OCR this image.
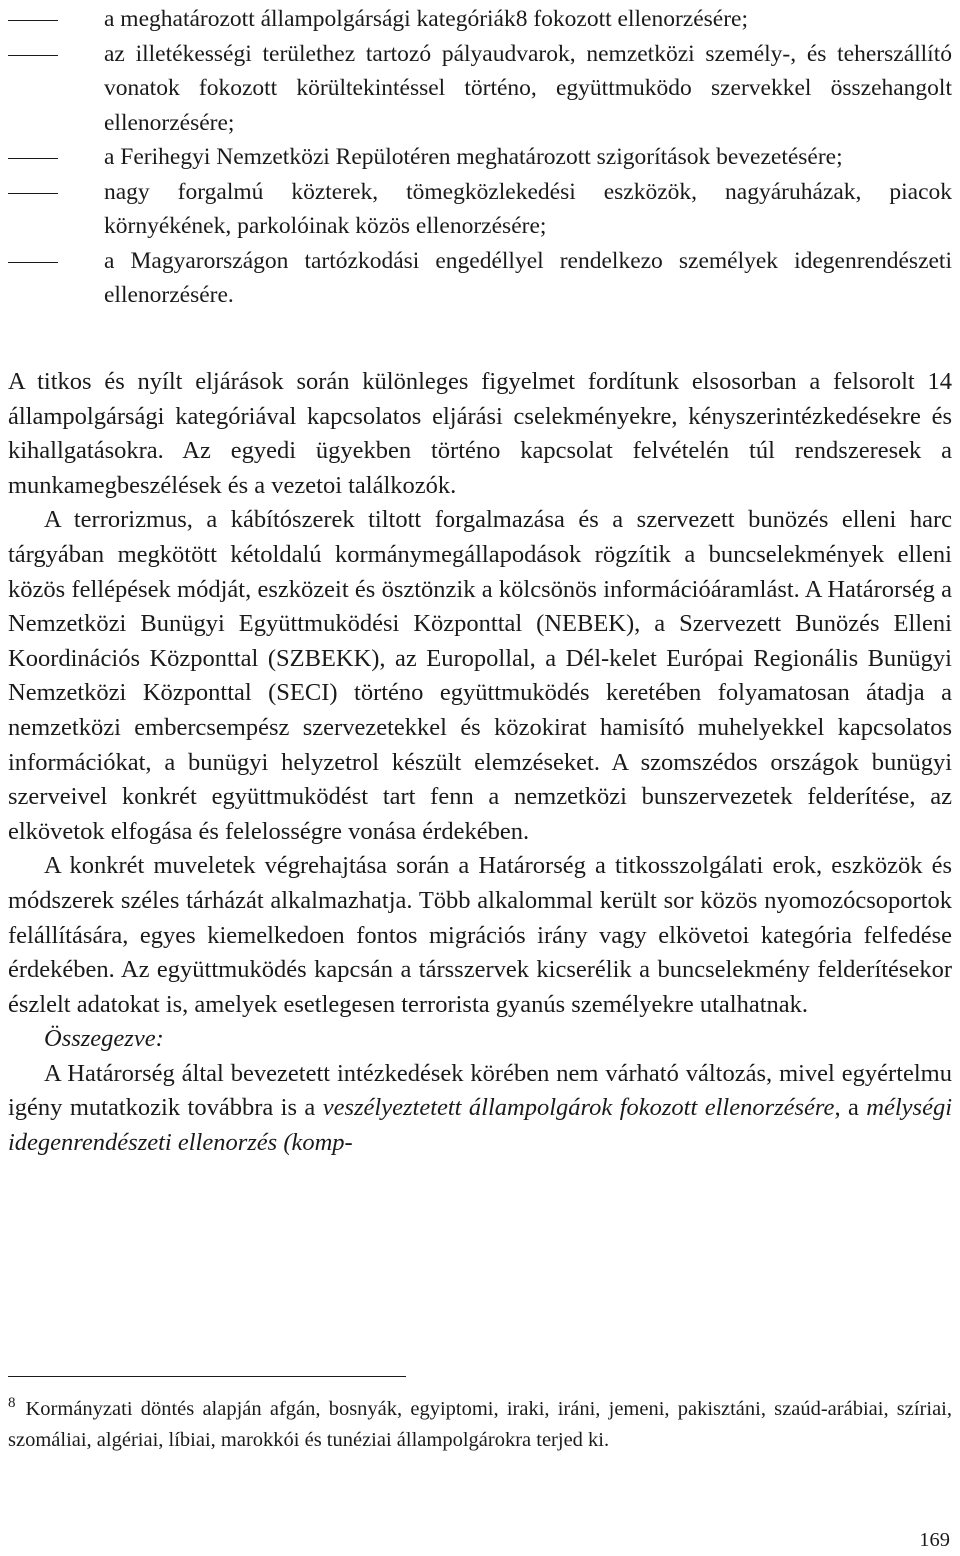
a meghatározott állampolgársági kategóriák8 fokozott ellenorzésére;
az illetékességi területhez tartozó pályaudvarok, nemzetközi személy-, és teherszállító vonatok fokozott körültekintéssel történo, együttmuködo szervekkel összehangolt ellenorzésére;
a Ferihegyi Nemzetközi Repülotéren meghatározott szigorítások bevezetésére;
nagy forgalmú közterek, tömegközlekedési eszközök, nagyáruházak, piacok környékének, parkolóinak közös ellenorzésére;
a Magyarországon tartózkodási engedéllyel rendelkezo személyek idegenrendészeti ellenorzésére.

A titkos és nyílt eljárások során különleges figyelmet fordítunk elsosorban a felsorolt 14 állampolgársági kategóriával kapcsolatos eljárási cselekményekre, kényszerintézkedésekre és kihallgatásokra. Az egyedi ügyekben történo kapcsolat felvételén túl rendszeresek a munkamegbeszélések és a vezetoi találkozók.

A terrorizmus, a kábítószerek tiltott forgalmazása és a szervezett bunözés elleni harc tárgyában megkötött kétoldalú kormánymegállapodások rögzítik a buncselekmények elleni közös fellépések módját, eszközeit és ösztönzik a kölcsönös információáramlást. A Határorség a Nemzetközi Bunügyi Együttmuködési Központtal (NEBEK), a Szervezett Bunözés Elleni Koordinációs Központtal (SZBEKK), az Europollal, a Dél-kelet Európai Regionális Bunügyi Nemzetközi Központtal (SECI) történo együttmuködés keretében folyamatosan átadja a nemzetközi embercsempész szervezetekkel és közokirat hamisító muhelyekkel kapcsolatos információkat, a bunügyi helyzetrol készült elemzéseket. A szomszédos országok bunügyi szerveivel konkrét együttmuködést tart fenn a nemzetközi bunszervezetek felderítése, az elkövetok elfogása és felelosségre vonása érdekében.

A konkrét muveletek végrehajtása során a Határorség a titkosszolgálati erok, eszközök és módszerek széles tárházát alkalmazhatja. Több alkalommal került sor közös nyomozócsoportok felállítására, egyes kiemelkedoen fontos migrációs irány vagy elkövetoi kategória felfedése érdekében. Az együttmuködés kapcsán a társszervek kicserélik a buncselekmény felderítésekor észlelt adatokat is, amelyek esetlegesen terrorista gyanús személyekre utalhatnak.

Összegezve:

A Határorség által bevezetett intézkedések körében nem várható változás, mivel egyértelmu igény mutatkozik továbbra is a veszélyeztetett állampolgárok fokozott ellenorzésére, a mélységi idegenrendészeti ellenorzés (komp-

$^8$ Kormányzati döntés alapján afgán, bosnyák, egyiptomi, iraki, iráni, jemeni, pakisztáni, szaúd-arábiai, szíriai, szomáliai, algériai, líbiai, marokkói és tunéziai állampolgárokra terjed ki.
169
